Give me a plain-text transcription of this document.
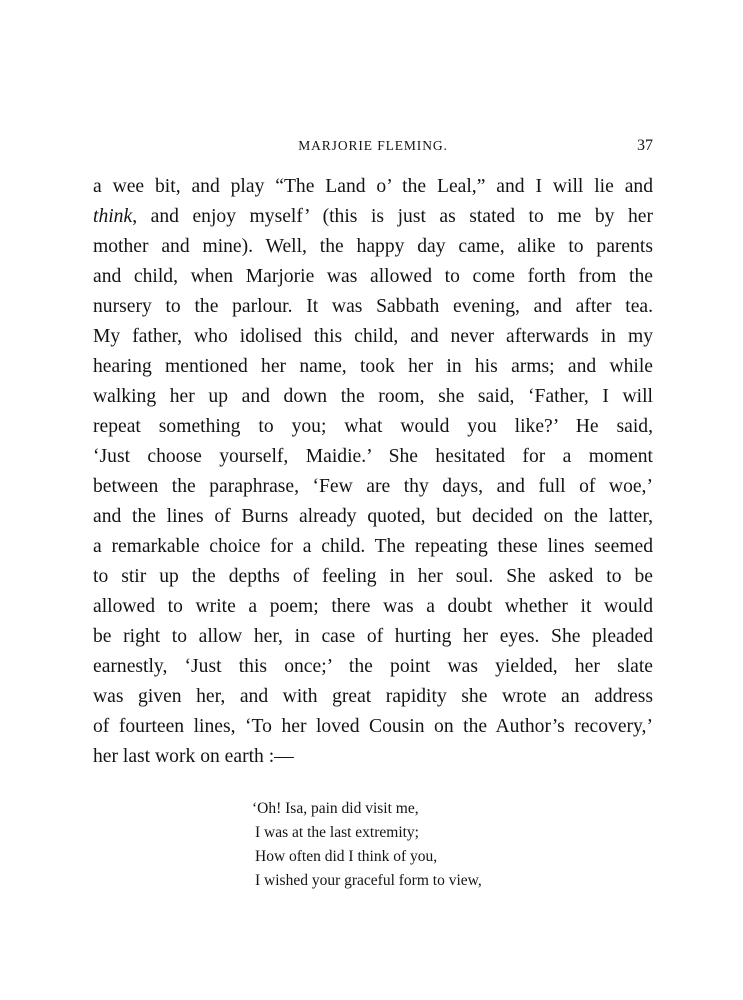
MARJORIE FLEMING.	37
a wee bit, and play “The Land o’ the Leal,” and I will lie and
think, and enjoy myself’ (this is just as stated to me by her
mother and mine). Well, the happy day came, alike to parents
and child, when Marjorie was allowed to come forth from the
nursery to the parlour. It was Sabbath evening, and after tea.
My father, who idolised this child, and never afterwards in my
hearing mentioned her name, took her in his arms; and while
walking her up and down the room, she said, ‘Father, I will
repeat something to you; what would you like?’ He said,
‘Just choose yourself, Maidie.’ She hesitated for a moment
between the paraphrase, ‘Few are thy days, and full of woe,’
and the lines of Burns already quoted, but decided on the latter,
a remarkable choice for a child. The repeating these lines seemed
to stir up the depths of feeling in her soul. She asked to be
allowed to write a poem; there was a doubt whether it would
be right to allow her, in case of hurting her eyes. She pleaded
earnestly, ‘Just this once;’ the point was yielded, her slate
was given her, and with great rapidity she wrote an address
of fourteen lines, ‘To her loved Cousin on the Author’s recovery,’
her last work on earth :—
‘Oh! Isa, pain did visit me,
I was at the last extremity;
How often did I think of you,
I wished your graceful form to view,
